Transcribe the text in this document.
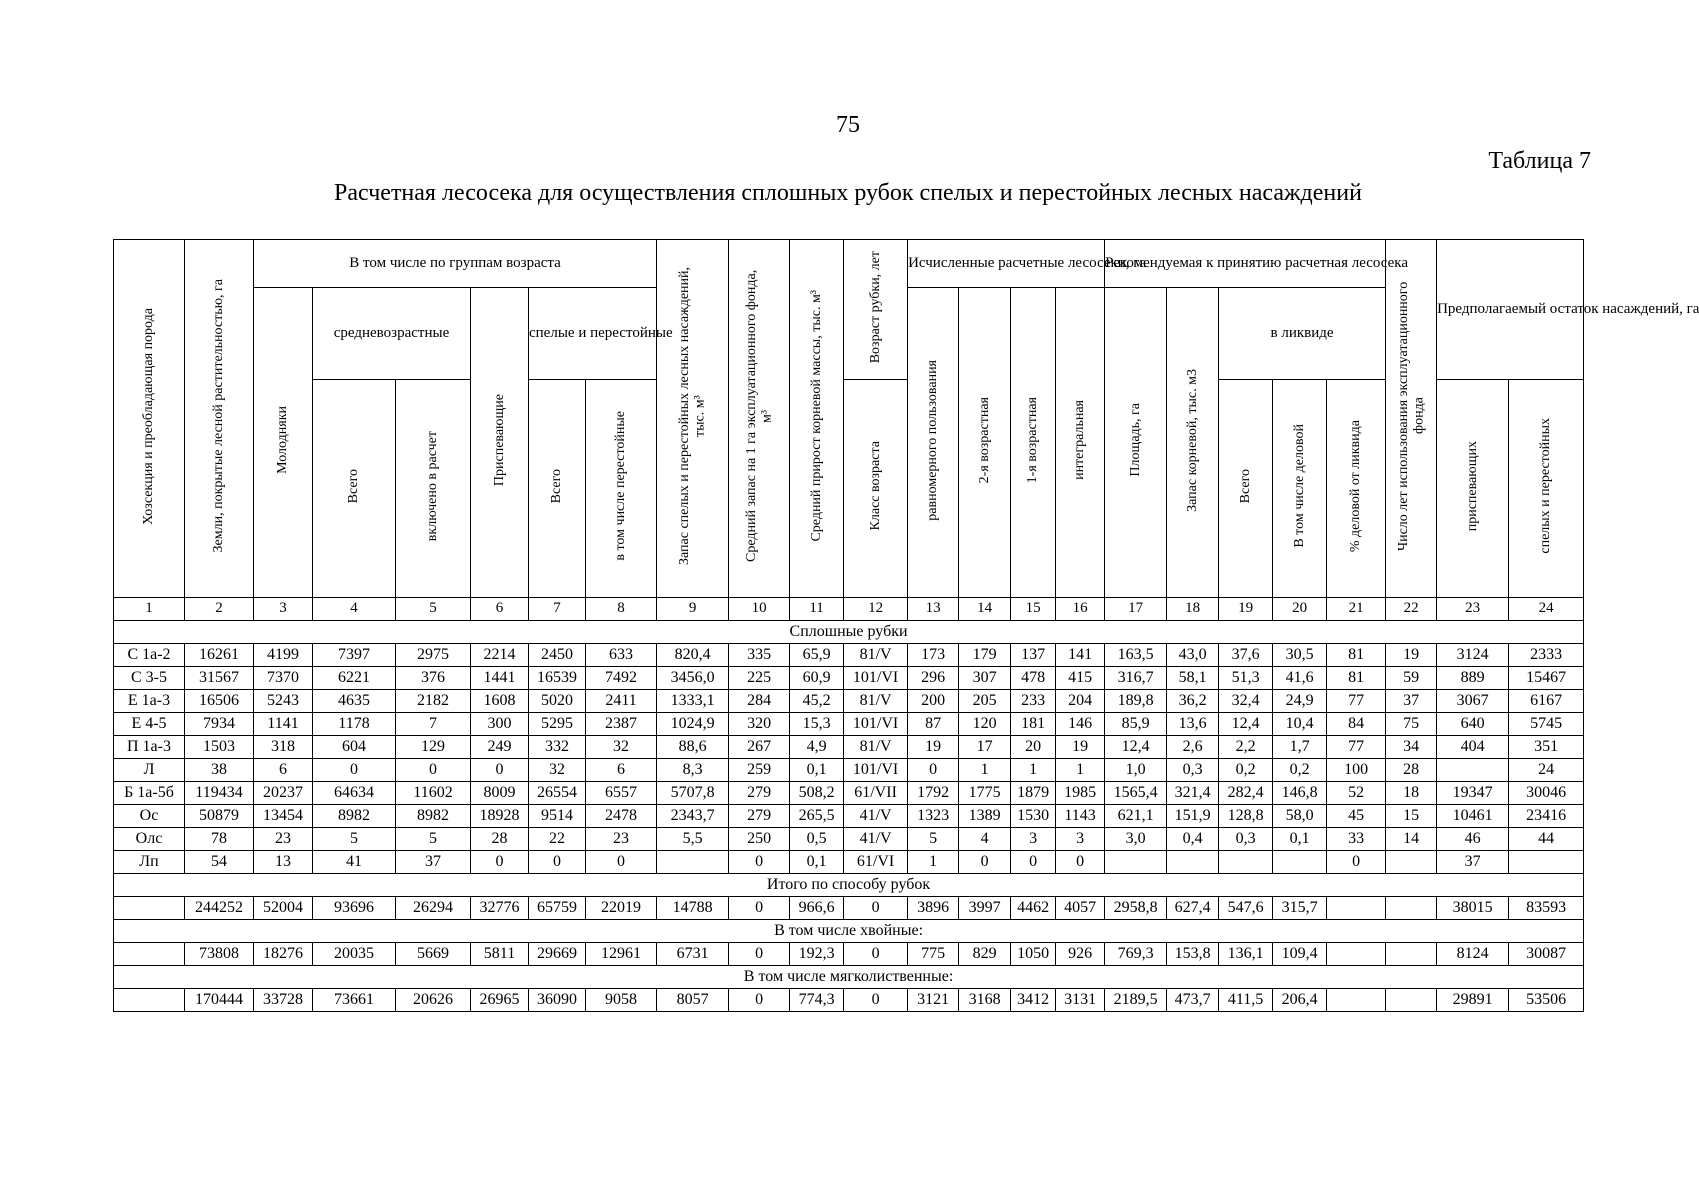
75
Таблица 7
Расчетная лесосека для осуществления сплошных рубок спелых и перестойных лесных насаждений
Хозсекция и преобладающая порода	Земли, покрытые лесной растительностью, га	В том числе по группам возраста						Запас спелых и перестойных лесных насаждений, тыс. м³	Средний запас на 1 га эксплуатационного фонда, м³	Средний прирост корневой массы, тыс. м³	Возраст рубки, лет	Исчисленные расчетные лесосеки, га				Рекомендуемая к принятию расчетная лесосека					Число лет использования эксплуатационного фонда	Предполагаемый остаток насаждений, га	
		Молодняки	средневозрастные		Приспевающие	спелые и перестойные						равномерного пользования	2-я возрастная	1-я возрастная	интегральная	Площадь, га	Запас корневой, тыс. м3	в ликвиде					
			Всего	включено в расчет		Всего	в том числе перестойные				Класс возраста							Всего	В том числе деловой	% деловой от ликвида		приспевающих	спелых и перестойных
1	2	3	4	5	6	7	8	9	10	11	12	13	14	15	16	17	18	19	20	21	22	23	24
Сплошные рубки																							
С 1а-2	16261	4199	7397	2975	2214	2450	633	820,4	335	65,9	81/V	173	179	137	141	163,5	43,0	37,6	30,5	81	19	3124	2333
С 3-5	31567	7370	6221	376	1441	16539	7492	3456,0	225	60,9	101/VI	296	307	478	415	316,7	58,1	51,3	41,6	81	59	889	15467
Е 1а-3	16506	5243	4635	2182	1608	5020	2411	1333,1	284	45,2	81/V	200	205	233	204	189,8	36,2	32,4	24,9	77	37	3067	6167
Е 4-5	7934	1141	1178	7	300	5295	2387	1024,9	320	15,3	101/VI	87	120	181	146	85,9	13,6	12,4	10,4	84	75	640	5745
П 1а-3	1503	318	604	129	249	332	32	88,6	267	4,9	81/V	19	17	20	19	12,4	2,6	2,2	1,7	77	34	404	351
Л	38	6	0	0	0	32	6	8,3	259	0,1	101/VI	0	1	1	1	1,0	0,3	0,2	0,2	100	28		24
Б 1а-5б	119434	20237	64634	11602	8009	26554	6557	5707,8	279	508,2	61/VII	1792	1775	1879	1985	1565,4	321,4	282,4	146,8	52	18	19347	30046
Ос	50879	13454	8982	8982	18928	9514	2478	2343,7	279	265,5	41/V	1323	1389	1530	1143	621,1	151,9	128,8	58,0	45	15	10461	23416
Олс	78	23	5	5	28	22	23	5,5	250	0,5	41/V	5	4	3	3	3,0	0,4	0,3	0,1	33	14	46	44
Лп	54	13	41	37	0	0	0		0	0,1	61/VI	1	0	0	0					0		37	
Итого по способу рубок																							
	244252	52004	93696	26294	32776	65759	22019	14788	0	966,6	0	3896	3997	4462	4057	2958,8	627,4	547,6	315,7			38015	83593
В том числе хвойные:																							
	73808	18276	20035	5669	5811	29669	12961	6731	0	192,3	0	775	829	1050	926	769,3	153,8	136,1	109,4			8124	30087
В том числе мягколиственные:																							
	170444	33728	73661	20626	26965	36090	9058	8057	0	774,3	0	3121	3168	3412	3131	2189,5	473,7	411,5	206,4			29891	53506
